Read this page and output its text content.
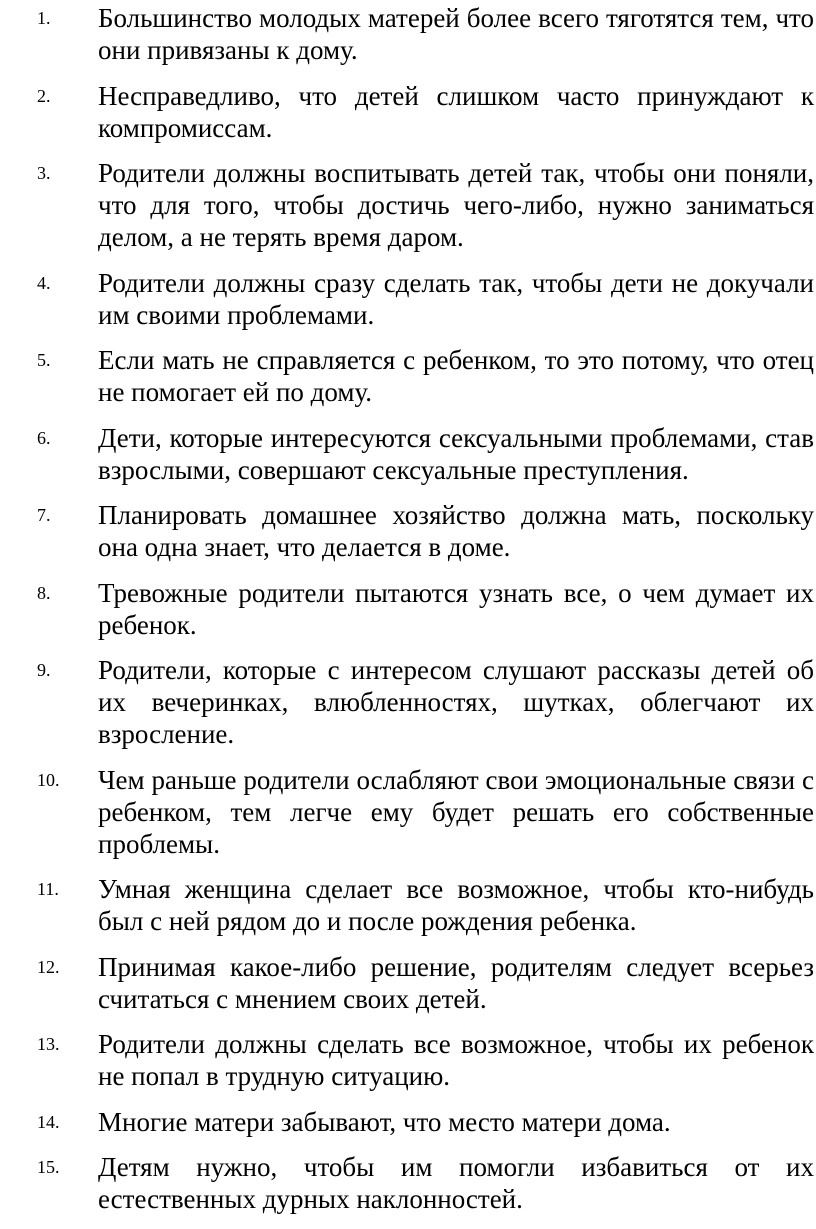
1.	Большинство молодых матерей более всего тяготятся тем, что они привязаны к дому.
2.	Несправедливо, что детей слишком часто принуждают к компромиссам.
3.	Родители должны воспитывать детей так, чтобы они поняли, что для того, чтобы достичь чего-либо, нужно заниматься делом, а не терять время даром.
4.	Родители должны сразу сделать так, чтобы дети не докучали им своими проблемами.
5.	Если мать не справляется с ребенком, то это потому, что отец не помогает ей по дому.
6.	Дети, которые интересуются сексуальными проблемами, став взрослыми, совершают сексуальные преступления.
7.	Планировать домашнее хозяйство должна мать, поскольку она одна знает, что делается в доме.
8.	Тревожные родители пытаются узнать все, о чем думает их ребенок.
9.	Родители, которые с интересом слушают рассказы детей об их вечеринках, влюбленностях, шутках, облегчают их взросление.
10.	Чем раньше родители ослабляют свои эмоциональные связи с ребенком, тем легче ему будет решать его собственные проблемы.
11.	Умная женщина сделает все возможное, чтобы кто-нибудь был с ней рядом до и после рождения ребенка.
12.	Принимая какое-либо решение, родителям следует всерьез считаться с мнением своих детей.
13.	Родители должны сделать все возможное, чтобы их ребенок не попал в трудную ситуацию.
14.	Многие матери забывают, что место матери дома.
15.	Детям нужно, чтобы им помогли избавиться от их естественных дурных наклонностей.
